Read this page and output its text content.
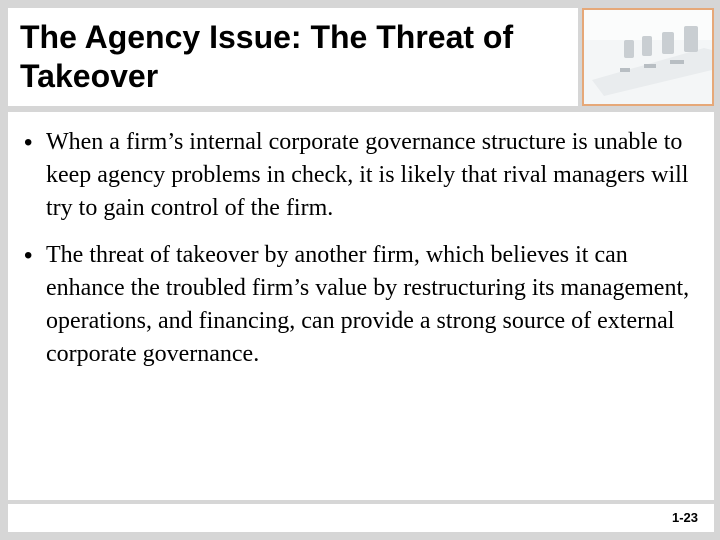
The Agency Issue: The Threat of Takeover
• When a firm’s internal corporate governance structure is unable to keep agency problems in check, it is likely that rival managers will try to gain control of the firm.
• The threat of takeover by another firm, which believes it can enhance the troubled firm’s value by restructuring its management, operations, and financing, can provide a strong source of external corporate governance.
1-23
